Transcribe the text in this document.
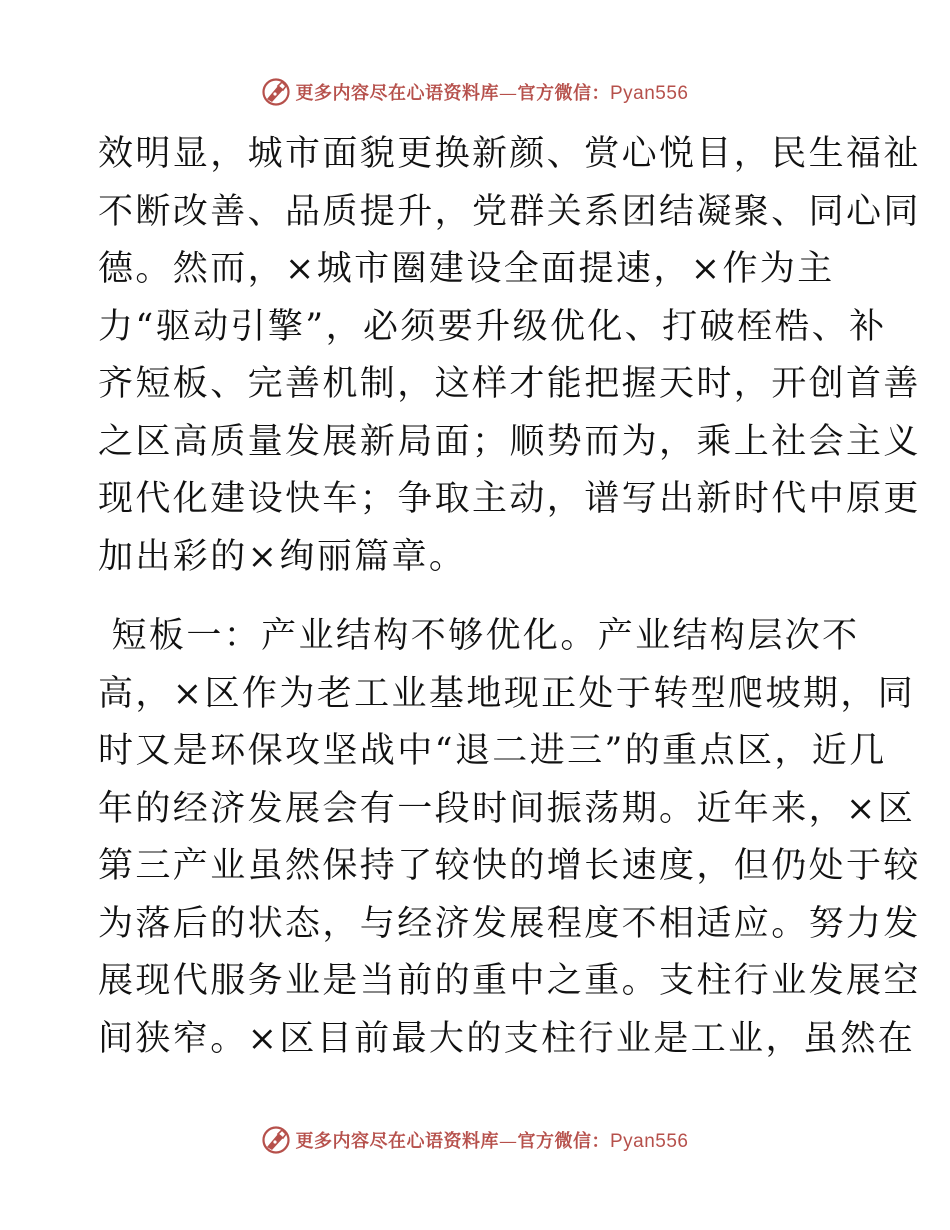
更多内容尽在心语资料库—官方微信：Pyan556

效明显，城市面貌更换新颜、赏心悦目，民生福祉
不断改善、品质提升，党群关系团结凝聚、同心同
德。然而，×城市圈建设全面提速，×作为主
力“驱动引擎”，必须要升级优化、打破桎梏、补
齐短板、完善机制，这样才能把握天时，开创首善
之区高质量发展新局面；顺势而为，乘上社会主义
现代化建设快车；争取主动，谱写出新时代中原更
加出彩的×绚丽篇章。

短板一：产业结构不够优化。产业结构层次不
高，×区作为老工业基地现正处于转型爬坡期，同
时又是环保攻坚战中“退二进三”的重点区，近几
年的经济发展会有一段时间振荡期。近年来，×区
第三产业虽然保持了较快的增长速度，但仍处于较
为落后的状态，与经济发展程度不相适应。努力发
展现代服务业是当前的重中之重。支柱行业发展空
间狭窄。×区目前最大的支柱行业是工业，虽然在

更多内容尽在心语资料库—官方微信：Pyan556
